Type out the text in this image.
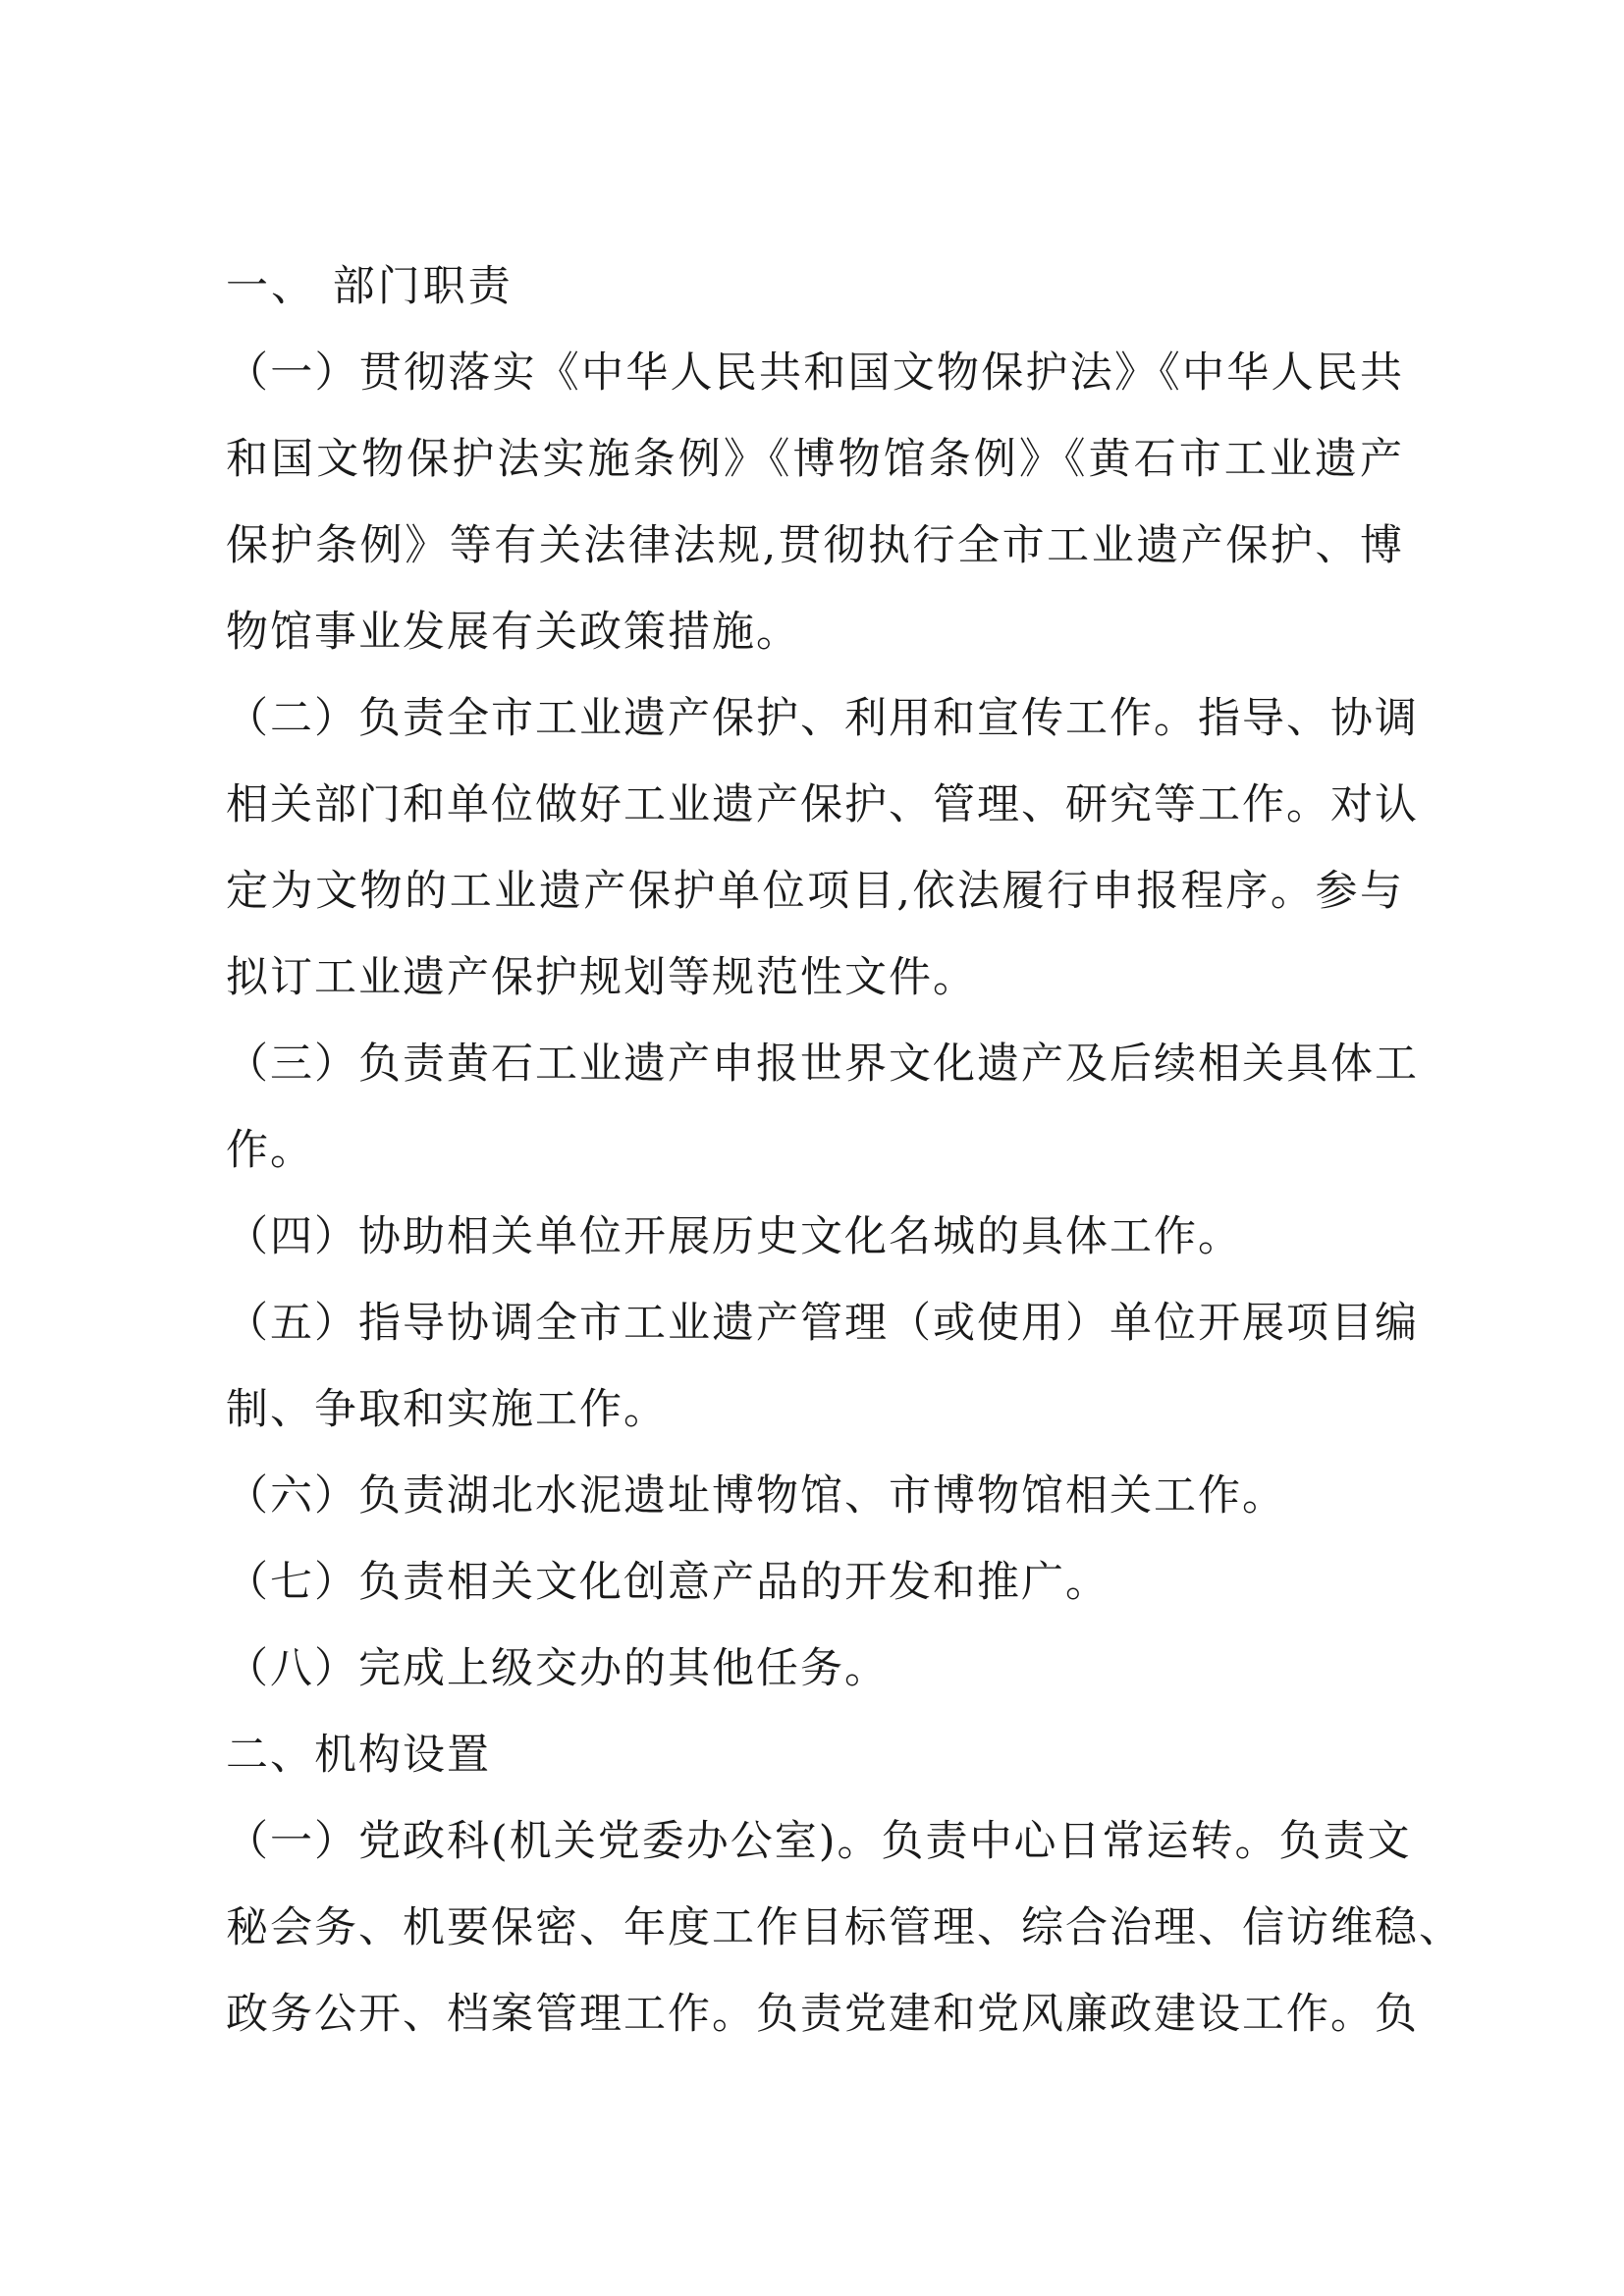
一、 部门职责
（一）贯彻落实《中华人民共和国文物保护法》《中华人民共
和国文物保护法实施条例》《博物馆条例》《黄石市工业遗产
保护条例》等有关法律法规,贯彻执行全市工业遗产保护、博
物馆事业发展有关政策措施。
（二）负责全市工业遗产保护、利用和宣传工作。指导、协调
相关部门和单位做好工业遗产保护、管理、研究等工作。对认
定为文物的工业遗产保护单位项目,依法履行申报程序。参与
拟订工业遗产保护规划等规范性文件。
（三）负责黄石工业遗产申报世界文化遗产及后续相关具体工
作。
（四）协助相关单位开展历史文化名城的具体工作。
（五）指导协调全市工业遗产管理（或使用）单位开展项目编
制、争取和实施工作。
（六）负责湖北水泥遗址博物馆、市博物馆相关工作。
（七）负责相关文化创意产品的开发和推广。
（八）完成上级交办的其他任务。
二、机构设置
（一）党政科(机关党委办公室)。负责中心日常运转。负责文
秘会务、机要保密、年度工作目标管理、综合治理、信访维稳、
政务公开、档案管理工作。负责党建和党风廉政建设工作。负
